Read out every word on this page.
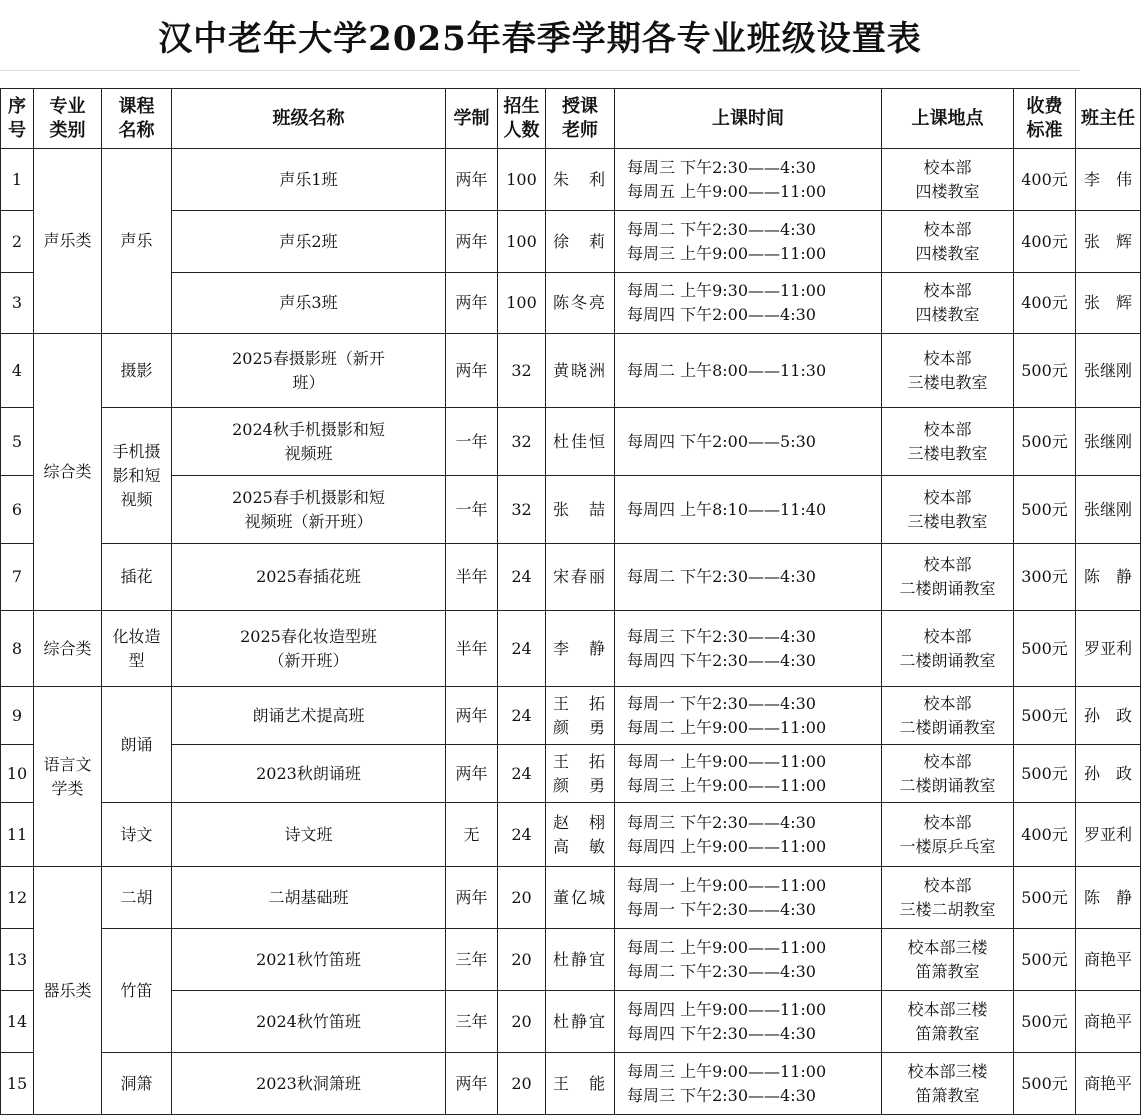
汉中老年大学2025年春季学期各专业班级设置表
序
号	专业
类别	课程
名称	班级名称	学制	招生
人数	授课
老师	上课时间	上课地点	收费
标准	班主任
1	声乐类	声乐	声乐1班	两年	100	朱　利	每周三 下午2:30——4:30
每周五 上午9:00——11:00	校本部
四楼教室	400元	李　伟
2			声乐2班	两年	100	徐　莉	每周二 下午2:30——4:30
每周三 上午9:00——11:00	校本部
四楼教室	400元	张　辉
3			声乐3班	两年	100	陈冬亮	每周二 上午9:30——11:00
每周四 下午2:00——4:30	校本部
四楼教室	400元	张　辉
4	综合类	摄影	2025春摄影班（新开
班）	两年	32	黄晓洲	每周二 上午8:00——11:30	校本部
三楼电教室	500元	张继刚
5		手机摄
影和短
视频	2024秋手机摄影和短
视频班	一年	32	杜佳恒	每周四 下午2:00——5:30	校本部
三楼电教室	500元	张继刚
6			2025春手机摄影和短
视频班（新开班）	一年	32	张　喆	每周四 上午8:10——11:40	校本部
三楼电教室	500元	张继刚
7		插花	2025春插花班	半年	24	宋春丽	每周二 下午2:30——4:30	校本部
二楼朗诵教室	300元	陈　静
8	综合类	化妆造
型	2025春化妆造型班
（新开班）	半年	24	李　静	每周三 下午2:30——4:30
每周四 下午2:30——4:30	校本部
二楼朗诵教室	500元	罗亚利
9	语言文
学类	朗诵	朗诵艺术提高班	两年	24	王　拓
颜　勇	每周一 下午2:30——4:30
每周二 上午9:00——11:00	校本部
二楼朗诵教室	500元	孙　政
10			2023秋朗诵班	两年	24	王　拓
颜　勇	每周一 上午9:00——11:00
每周三 上午9:00——11:00	校本部
二楼朗诵教室	500元	孙　政
11		诗文	诗文班	无	24	赵　栩
高　敏	每周三 下午2:30——4:30
每周四 上午9:00——11:00	校本部
一楼原乒乓室	400元	罗亚利
12	器乐类	二胡	二胡基础班	两年	20	董亿城	每周一 上午9:00——11:00
每周一 下午2:30——4:30	校本部
三楼二胡教室	500元	陈　静
13		竹笛	2021秋竹笛班	三年	20	杜静宜	每周二 上午9:00——11:00
每周二 下午2:30——4:30	校本部三楼
笛箫教室	500元	商艳平
14			2024秋竹笛班	三年	20	杜静宜	每周四 上午9:00——11:00
每周四 下午2:30——4:30	校本部三楼
笛箫教室	500元	商艳平
15		洞箫	2023秋洞箫班	两年	20	王　能	每周三 上午9:00——11:00
每周三 下午2:30——4:30	校本部三楼
笛箫教室	500元	商艳平
